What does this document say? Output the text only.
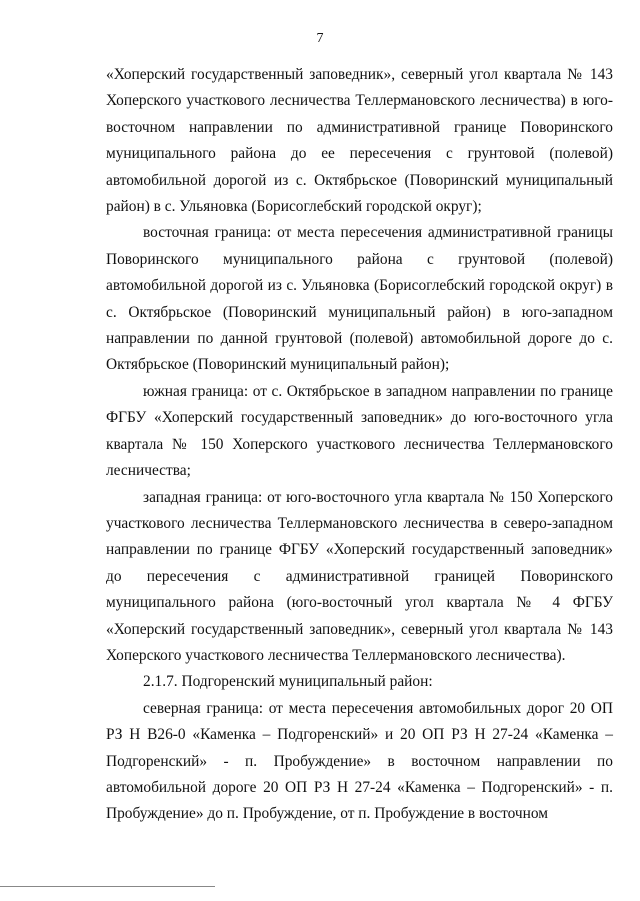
7

«Хоперский государственный заповедник», северный угол квартала № 143 Хоперского участкового лесничества Теллермановского лесничества) в юго-восточном направлении по административной границе Поворинского муниципального района до ее пересечения с грунтовой (полевой) автомобильной дорогой из с. Октябрьское (Поворинский муниципальный район) в с. Ульяновка (Борисоглебский городской округ);

восточная граница: от места пересечения административной границы Поворинского муниципального района с грунтовой (полевой) автомобильной дорогой из с. Ульяновка (Борисоглебский городской округ) в с. Октябрьское (Поворинский муниципальный район) в юго-западном направлении по данной грунтовой (полевой) автомобильной дороге до с. Октябрьское (Поворинский муниципальный район);

южная граница: от с. Октябрьское в западном направлении по границе ФГБУ «Хоперский государственный заповедник» до юго-восточного угла квартала № 150 Хоперского участкового лесничества Теллермановского лесничества;

западная граница: от юго-восточного угла квартала № 150 Хоперского участкового лесничества Теллермановского лесничества в северо-западном направлении по границе ФГБУ «Хоперский государственный заповедник» до пересечения с административной границей Поворинского муниципального района (юго-восточный угол квартала № 4 ФГБУ «Хоперский государственный заповедник», северный угол квартала № 143 Хоперского участкового лесничества Теллермановского лесничества).

2.1.7. Подгоренский муниципальный район:

северная граница: от места пересечения автомобильных дорог 20 ОП РЗ Н В26-0 «Каменка – Подгоренский» и 20 ОП РЗ Н 27-24 «Каменка – Подгоренский» - п. Пробуждение» в восточном направлении по автомобильной дороге 20 ОП РЗ Н 27-24 «Каменка – Подгоренский» - п. Пробуждение» до п. Пробуждение, от п. Пробуждение в восточном
